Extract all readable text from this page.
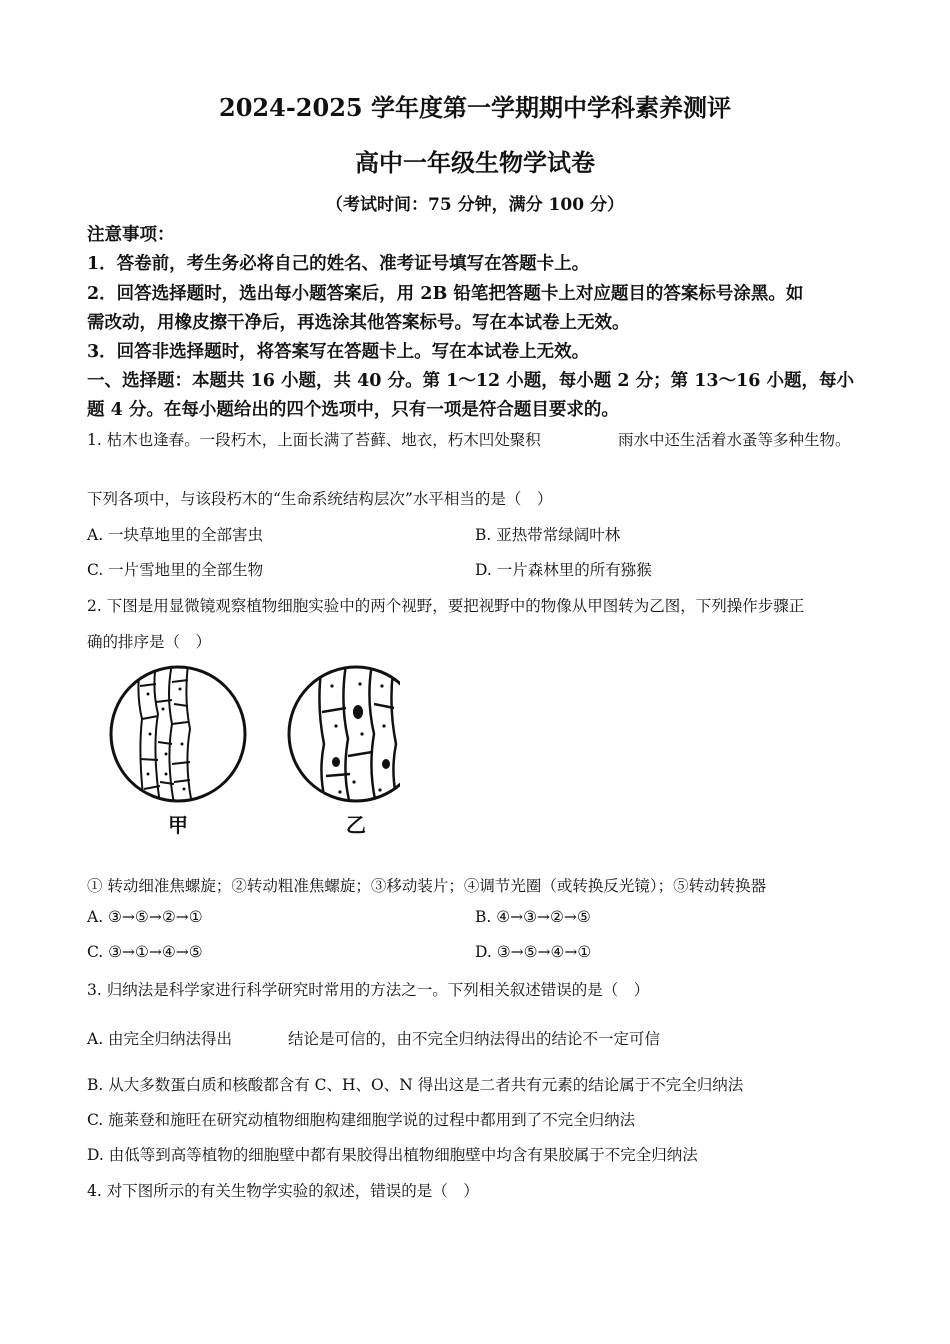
2024-2025 学年度第一学期期中学科素养测评
高中一年级生物学试卷
（考试时间：75 分钟，满分 100 分）
注意事项：
1．答卷前，考生务必将自己的姓名、准考证号填写在答题卡上。
2．回答选择题时，选出每小题答案后，用 2B 铅笔把答题卡上对应题目的答案标号涂黑。如
需改动，用橡皮擦干净后，再选涂其他答案标号。写在本试卷上无效。
3．回答非选择题时，将答案写在答题卡上。写在本试卷上无效。
一、选择题：本题共 16 小题，共 40 分。第 1～12 小题，每小题 2 分；第 13～16 小题，每小
题 4 分。在每小题给出的四个选项中，只有一项是符合题目要求的。
1. 枯木也逢春。一段朽木，上面长满了苔藓、地衣，朽木凹处聚积	雨水中还生活着水蚤等多种生物。
下列各项中，与该段朽木的“生命系统结构层次”水平相当的是（　）
A. 一块草地里的全部害虫	B. 亚热带常绿阔叶林
C. 一片雪地里的全部生物	D. 一片森林里的所有猕猴
2. 下图是用显微镜观察植物细胞实验中的两个视野，要把视野中的物像从甲图转为乙图，下列操作步骤正
确的排序是（　）
甲	乙
① 转动细准焦螺旋；②转动粗准焦螺旋；③移动装片；④调节光圈（或转换反光镜）；⑤转动转换器
A. ③→⑤→②→①	B. ④→③→②→⑤
C. ③→①→④→⑤	D. ③→⑤→④→①
3. 归纳法是科学家进行科学研究时常用的方法之一。下列相关叙述错误的是（　）
A. 由完全归纳法得出	结论是可信的，由不完全归纳法得出的结论不一定可信
B. 从大多数蛋白质和核酸都含有 C、H、O、N 得出这是二者共有元素的结论属于不完全归纳法
C. 施莱登和施旺在研究动植物细胞构建细胞学说的过程中都用到了不完全归纳法
D. 由低等到高等植物的细胞壁中都有果胶得出植物细胞壁中均含有果胶属于不完全归纳法
4. 对下图所示的有关生物学实验的叙述，错误的是（　）
